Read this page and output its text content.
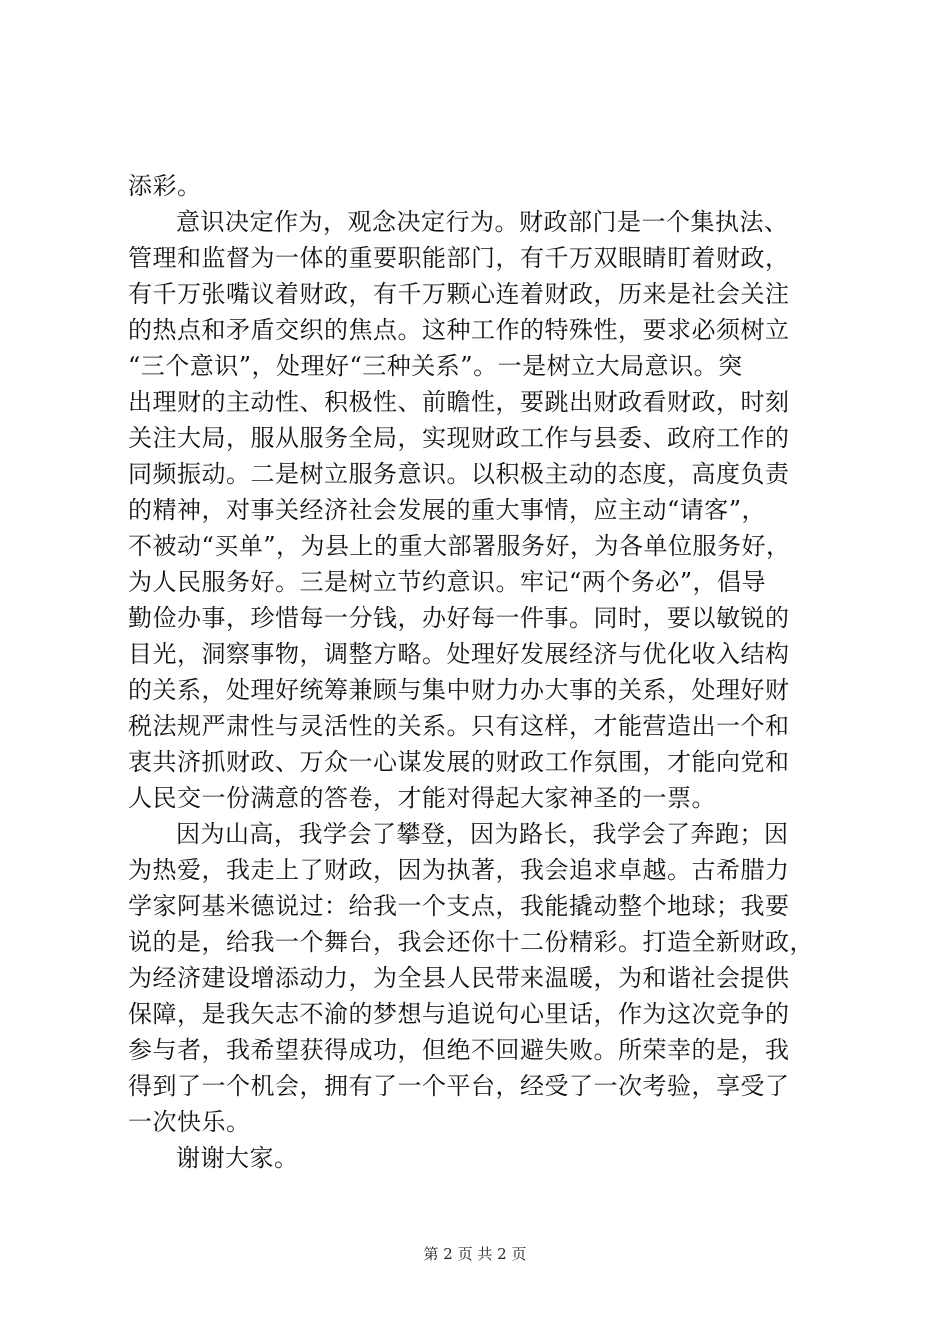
添彩。
意识决定作为，观念决定行为。财政部门是一个集执法、
管理和监督为一体的重要职能部门，有千万双眼睛盯着财政，
有千万张嘴议着财政，有千万颗心连着财政，历来是社会关注
的热点和矛盾交织的焦点。这种工作的特殊性，要求必须树立
“三个意识”，处理好“三种关系”。一是树立大局意识。突
出理财的主动性、积极性、前瞻性，要跳出财政看财政，时刻
关注大局，服从服务全局，实现财政工作与县委、政府工作的
同频振动。二是树立服务意识。以积极主动的态度，高度负责
的精神，对事关经济社会发展的重大事情，应主动“请客”，
不被动“买单”，为县上的重大部署服务好，为各单位服务好，
为人民服务好。三是树立节约意识。牢记“两个务必”，倡导
勤俭办事，珍惜每一分钱，办好每一件事。同时，要以敏锐的
目光，洞察事物，调整方略。处理好发展经济与优化收入结构
的关系，处理好统筹兼顾与集中财力办大事的关系，处理好财
税法规严肃性与灵活性的关系。只有这样，才能营造出一个和
衷共济抓财政、万众一心谋发展的财政工作氛围，才能向党和
人民交一份满意的答卷，才能对得起大家神圣的一票。
因为山高，我学会了攀登，因为路长，我学会了奔跑；因
为热爱，我走上了财政，因为执著，我会追求卓越。古希腊力
学家阿基米德说过：给我一个支点，我能撬动整个地球；我要
说的是，给我一个舞台，我会还你十二份精彩。打造全新财政，
为经济建设增添动力，为全县人民带来温暖，为和谐社会提供
保障，是我矢志不渝的梦想与追说句心里话，作为这次竞争的
参与者，我希望获得成功，但绝不回避失败。所荣幸的是，我
得到了一个机会，拥有了一个平台，经受了一次考验，享受了
一次快乐。
谢谢大家。
第 2 页 共 2 页
